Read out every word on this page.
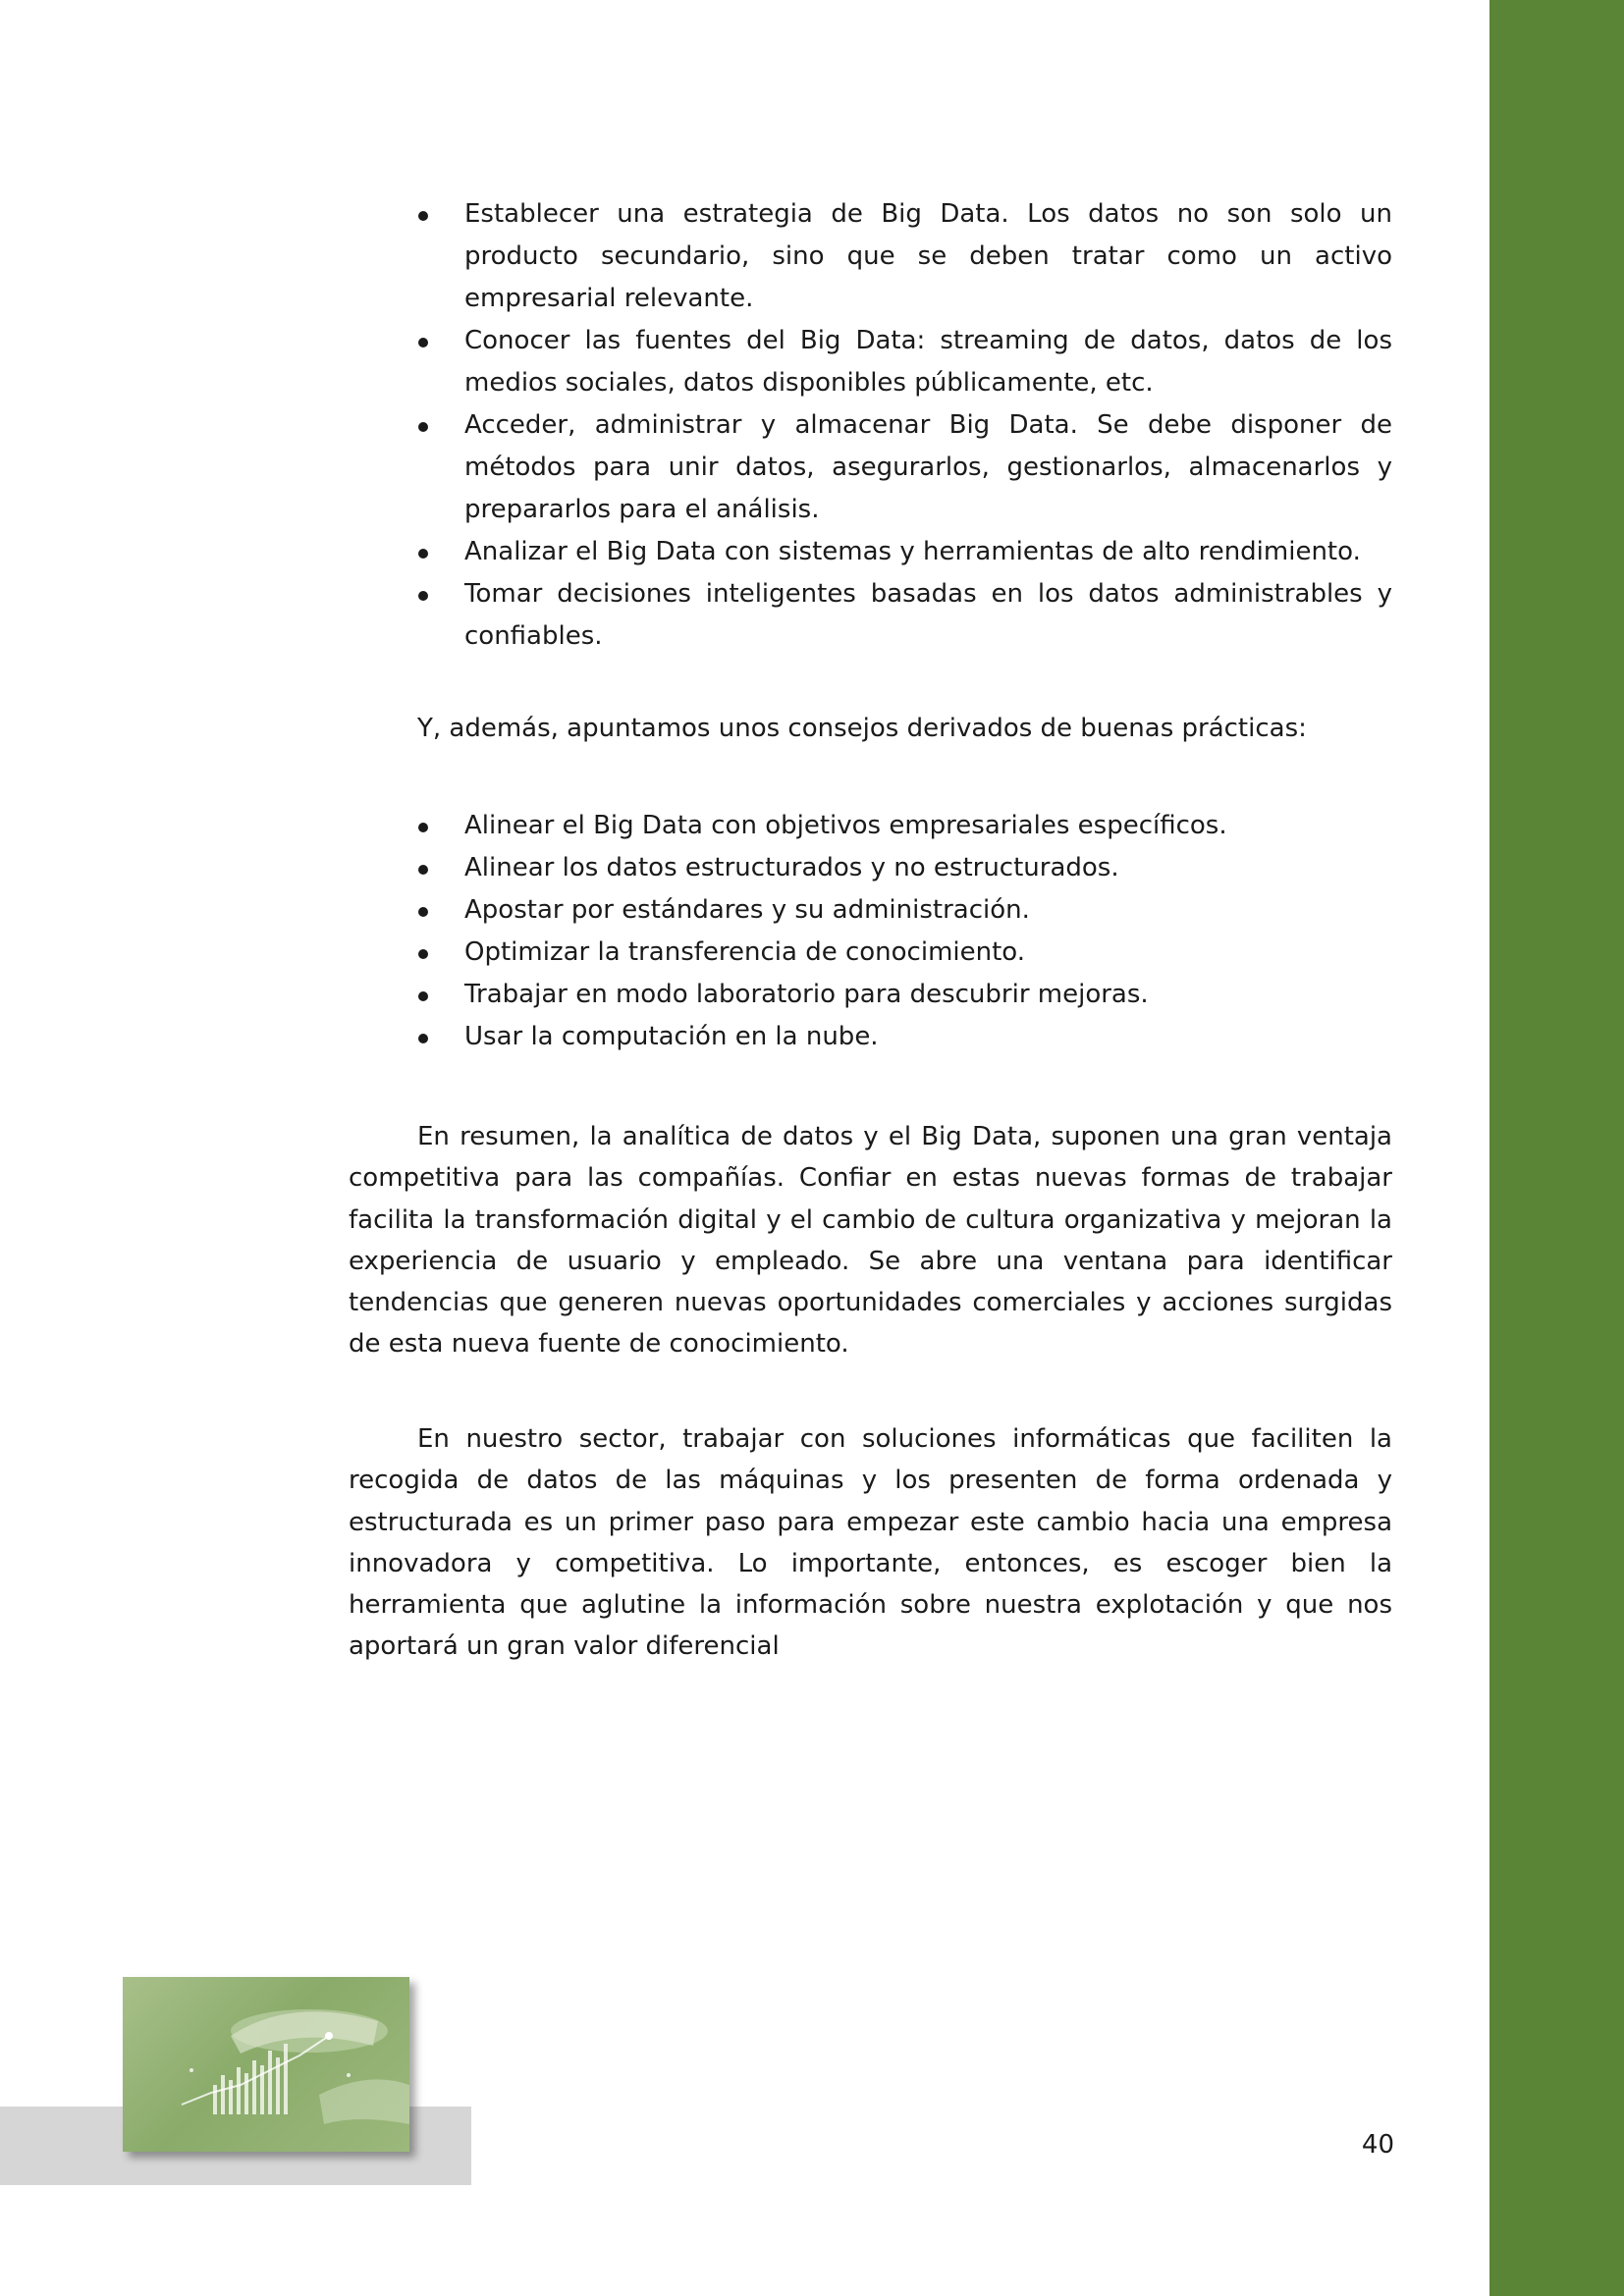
Establecer una estrategia de Big Data. Los datos no son solo un producto secundario, sino que se deben tratar como un activo empresarial relevante.
Conocer las fuentes del Big Data: streaming de datos, datos de los medios sociales, datos disponibles públicamente, etc.
Acceder, administrar y almacenar Big Data. Se debe disponer de métodos para unir datos, asegurarlos, gestionarlos, almacenarlos y prepararlos para el análisis.
Analizar el Big Data con sistemas y herramientas de alto rendimiento.
Tomar decisiones inteligentes basadas en los datos administrables y confiables.

Y, además, apuntamos unos consejos derivados de buenas prácticas:

Alinear el Big Data con objetivos empresariales específicos.
Alinear los datos estructurados y no estructurados.
Apostar por estándares y su administración.
Optimizar la transferencia de conocimiento.
Trabajar en modo laboratorio para descubrir mejoras.
Usar la computación en la nube.

En resumen, la analítica de datos y el Big Data, suponen una gran ventaja competitiva para las compañías. Confiar en estas nuevas formas de trabajar facilita la transformación digital y el cambio de cultura organizativa y mejoran la experiencia de usuario y empleado. Se abre una ventana para identificar tendencias que generen nuevas oportunidades comerciales y acciones surgidas de esta nueva fuente de conocimiento.

En nuestro sector, trabajar con soluciones informáticas que faciliten la recogida de datos de las máquinas y los presenten de forma ordenada y estructurada es un primer paso para empezar este cambio hacia una empresa innovadora y competitiva. Lo importante, entonces, es escoger bien la herramienta que aglutine la información sobre nuestra explotación y que nos aportará un gran valor diferencial

40
